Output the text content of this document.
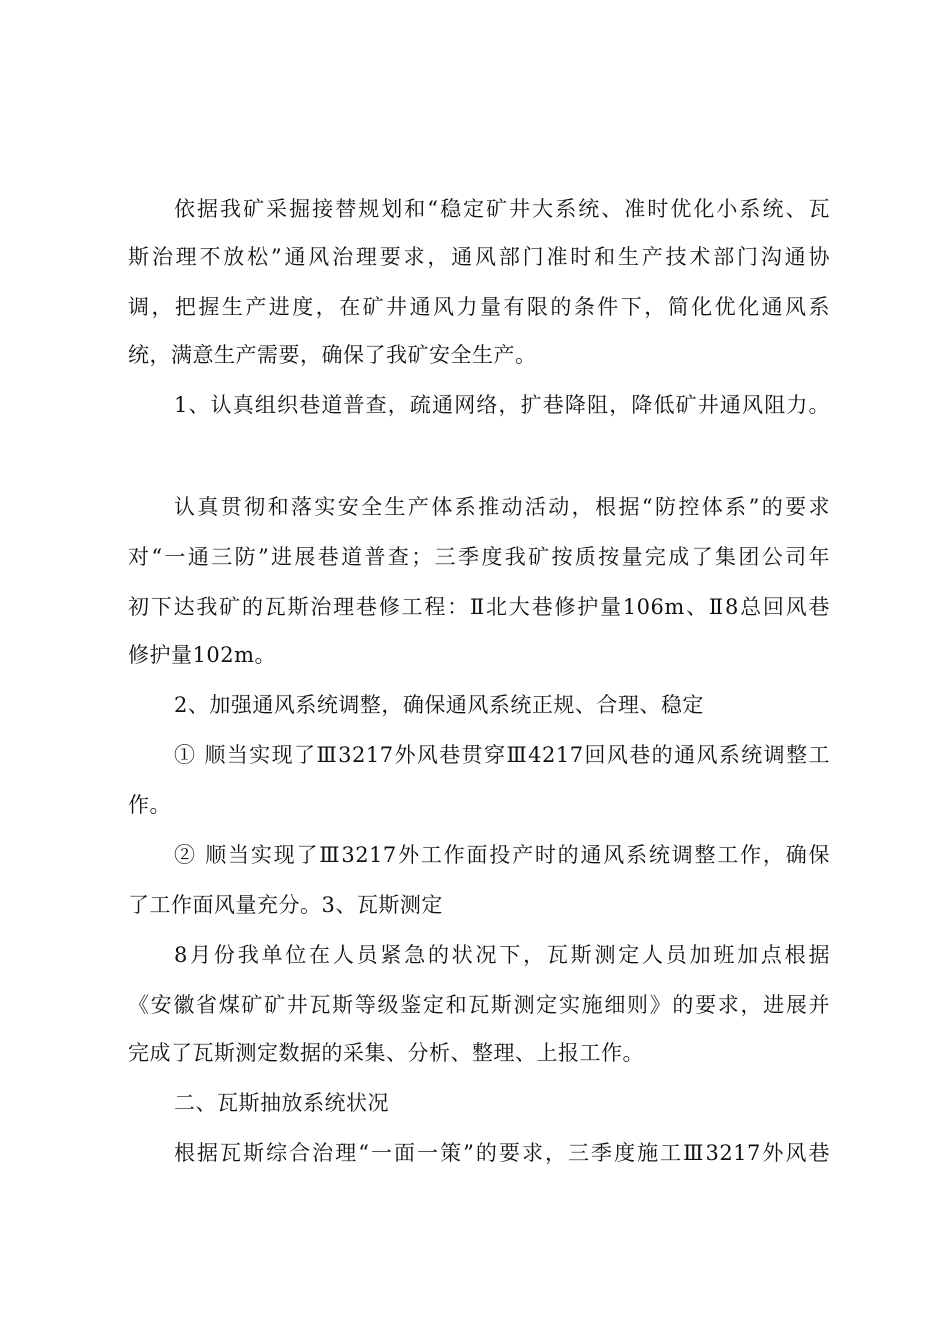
依据我矿采掘接替规划和“稳定矿井大系统、准时优化小系统、瓦
斯治理不放松”通风治理要求，通风部门准时和生产技术部门沟通协
调，把握生产进度，在矿井通风力量有限的条件下，简化优化通风系
统，满意生产需要，确保了我矿安全生产。
1、认真组织巷道普查，疏通网络，扩巷降阻，降低矿井通风阻力。
认真贯彻和落实安全生产体系推动活动，根据“防控体系”的要求
对“一通三防”进展巷道普查；三季度我矿按质按量完成了集团公司年
初下达我矿的瓦斯治理巷修工程：Ⅱ北大巷修护量106m、Ⅱ8总回风巷
修护量102m。
2、加强通风系统调整，确保通风系统正规、合理、稳定
① 顺当实现了Ⅲ3217外风巷贯穿Ⅲ4217回风巷的通风系统调整工
作。
② 顺当实现了Ⅲ3217外工作面投产时的通风系统调整工作，确保
了工作面风量充分。3、瓦斯测定
8月份我单位在人员紧急的状况下，瓦斯测定人员加班加点根据
《安徽省煤矿矿井瓦斯等级鉴定和瓦斯测定实施细则》的要求，进展并
完成了瓦斯测定数据的采集、分析、整理、上报工作。
二、瓦斯抽放系统状况
根据瓦斯综合治理“一面一策”的要求，三季度施工Ⅲ3217外风巷
